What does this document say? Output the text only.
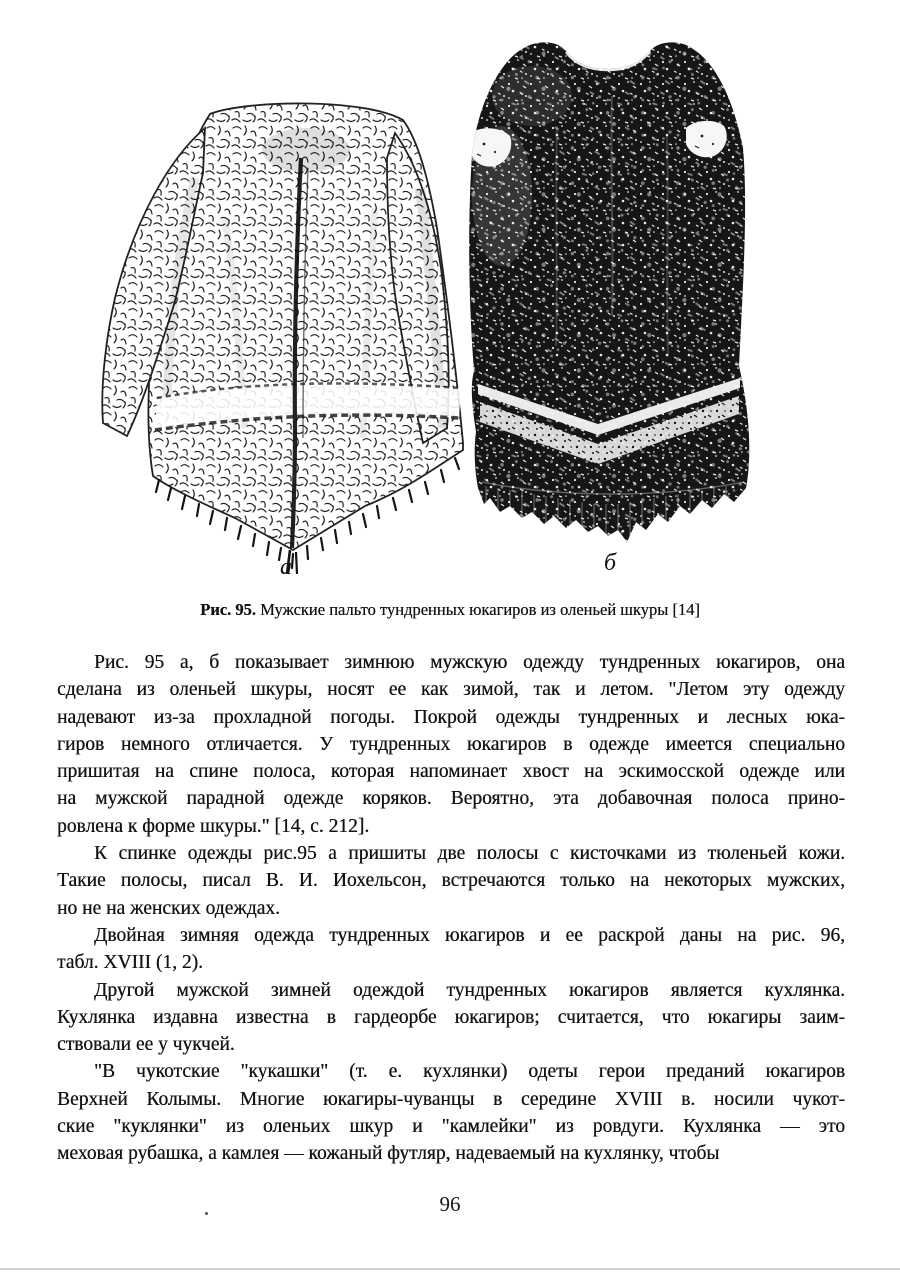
а	б
Рис. 95. Мужские пальто тундренных юкагиров из оленьей шкуры [14]

Рис. 95 а, б показывает зимнюю мужскую одежду тундренных юкагиров, она
сделана из оленьей шкуры, носят ее как зимой, так и летом. "Летом эту одежду
надевают из-за прохладной погоды. Покрой одежды тундренных и лесных юка-
гиров немного отличается. У тундренных юкагиров в одежде имеется специально
пришитая на спине полоса, которая напоминает хвост на эскимосской одежде или
на мужской парадной одежде коряков. Вероятно, эта добавочная полоса прино-
ровлена к форме шкуры." [14, с. 212].

К спинке одежды рис.95 а пришиты две полосы с кисточками из тюленьей кожи.
Такие полосы, писал В. И. Иохельсон, встречаются только на некоторых мужских,
но не на женских одеждах.

Двойная зимняя одежда тундренных юкагиров и ее раскрой даны на рис. 96,
табл. XVIII (1, 2).

Другой мужской зимней одеждой тундренных юкагиров является кухлянка.
Кухлянка издавна известна в гардеорбе юкагиров; считается, что юкагиры заим-
ствовали ее у чукчей.

"В чукотские "кукашки" (т. е. кухлянки) одеты герои преданий юкагиров
Верхней Колымы. Многие юкагиры-чуванцы в середине XVIII в. носили чукот-
ские "куклянки" из оленьих шкур и "камлейки" из ровдуги. Кухлянка — это
меховая рубашка, а камлея — кожаный футляр, надеваемый на кухлянку, чтобы

96
